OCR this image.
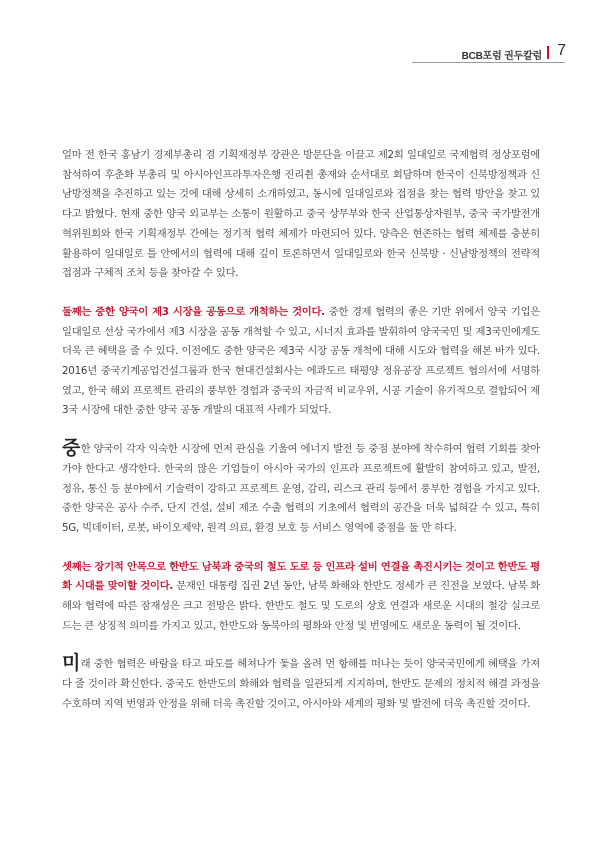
BCB포럼 권두칼럼 7

얼마 전 한국 홍남기 경제부총리 겸 기획재정부 장관은 방문단을 이끌고 제2회 일대일로 국제협력 정상포럼에 참석하여 후춘화 부총리 및 아시아인프라투자은행 진리췬 총재와 순서대로 회담하며 한국이 신북방정책과 신남방정책을 추진하고 있는 것에 대해 상세히 소개하였고, 동시에 일대일로와 접점을 찾는 협력 방안을 찾고 있다고 밝혔다. 현재 중한 양국 외교부는 소통이 원활하고 중국 상무부와 한국 산업통상자원부, 중국 국가발전개혁위원회와 한국 기획재정부 간에는 정기적 협력 체제가 마련되어 있다. 양측은 현존하는 협력 체제를 충분히 활용하여 일대일로 틀 안에서의 협력에 대해 깊이 토론하면서 일대일로와 한국 신북방 · 신남방정책의 전략적 접점과 구체적 조치 등을 찾아갈 수 있다.

둘째는 중한 양국이 제3 시장을 공동으로 개척하는 것이다. 중한 경제 협력의 좋은 기반 위에서 양국 기업은 일대일로 선상 국가에서 제3 시장을 공동 개척할 수 있고, 시너지 효과를 발휘하여 양국국민 및 제3국민에게도 더욱 큰 혜택을 줄 수 있다. 이전에도 중한 양국은 제3국 시장 공동 개척에 대해 시도와 협력을 해본 바가 있다. 2016년 중국기계공업건설그룹과 한국 현대건설회사는 에콰도르 태평양 정유공장 프로젝트 협의서에 서명하였고, 한국 해외 프로젝트 관리의 풍부한 경험과 중국의 자금적 비교우위, 시공 기술이 유기적으로 결합되어 제3국 시장에 대한 중한 양국 공동 개발의 대표적 사례가 되었다.

중한 양국이 각자 익숙한 시장에 먼저 관심을 기울여 에너지 발전 등 중점 분야에 착수하여 협력 기회를 찾아가야 한다고 생각한다. 한국의 많은 기업들이 아시아 국가의 인프라 프로젝트에 활발히 참여하고 있고, 발전, 정유, 통신 등 분야에서 기술력이 강하고 프로젝트 운영, 감리, 리스크 관리 등에서 풍부한 경험을 가지고 있다. 중한 양국은 공사 수주, 단지 건설, 설비 제조 수출 협력의 기초에서 협력의 공간을 더욱 넓혀갈 수 있고, 특히 5G, 빅데이터, 로봇, 바이오제약, 원격 의료, 환경 보호 등 서비스 영역에 중점을 둘 만 하다.

셋째는 장기적 안목으로 한반도 남북과 중국의 철도 도로 등 인프라 설비 연결을 촉진시키는 것이고 한반도 평화 시대를 맞이할 것이다. 문재인 대통령 집권 2년 동안, 남북 화해와 한반도 정세가 큰 진전을 보였다. 남북 화해와 협력에 따른 잠재성은 크고 전망은 밝다. 한반도 철도 및 도로의 상호 연결과 새로운 시대의 철강 실크로드는 큰 상징적 의미를 가지고 있고, 한반도와 동북아의 평화와 안정 및 번영에도 새로운 동력이 될 것이다.

미래 중한 협력은 바람을 타고 파도를 헤쳐나가 돛을 올려 먼 항해를 떠나는 듯이 양국국민에게 혜택을 가져다 줄 것이라 확신한다. 중국도 한반도의 화해와 협력을 일관되게 지지하며, 한반도 문제의 정치적 해결 과정을 수호하며 지역 번영과 안정을 위해 더욱 촉진할 것이고, 아시아와 세계의 평화 및 발전에 더욱 촉진할 것이다.
